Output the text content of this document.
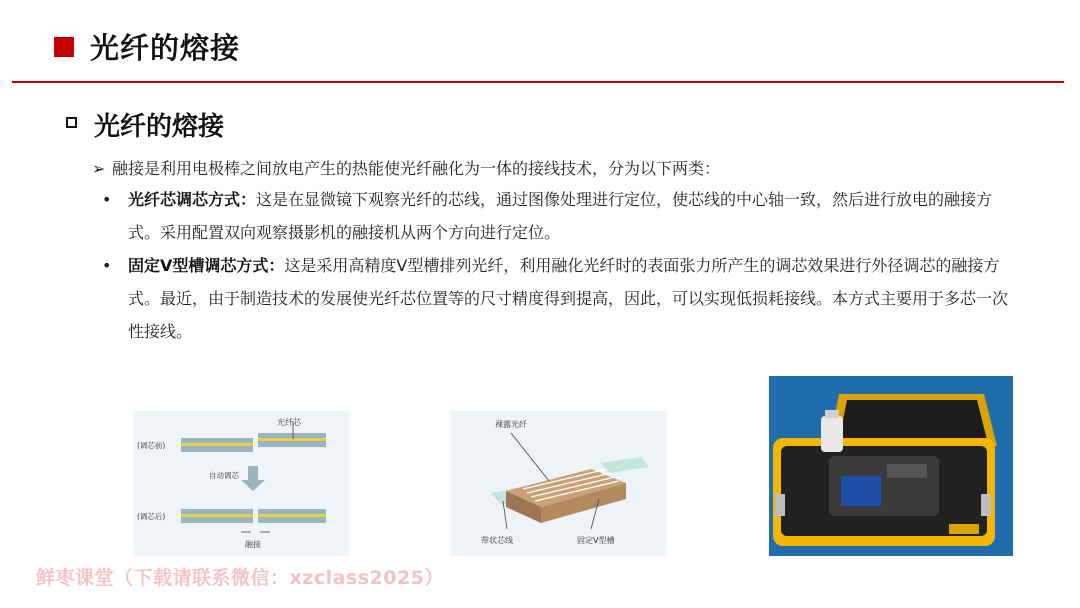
光纤的熔接
光纤的熔接
➢ 融接是利用电极棒之间放电产生的热能使光纤融化为一体的接线技术，分为以下两类：
• 光纤芯调芯方式：这是在显微镜下观察光纤的芯线，通过图像处理进行定位，使芯线的中心轴一致，然后进行放电的融接方式。采用配置双向观察摄影机的融接机从两个方向进行定位。
• 固定V型槽调芯方式：这是采用高精度V型槽排列光纤，利用融化光纤时的表面张力所产生的调芯效果进行外径调芯的融接方式。最近，由于制造技术的发展使光纤芯位置等的尺寸精度得到提高，因此，可以实现低损耗接线。本方式主要用于多芯一次性接线。
光纤芯
(调芯前)
自动调芯
(调芯后)
融接
裸露光纤
带状芯线	固定V型槽
鲜枣课堂（下载请联系微信：xzclass2025）
